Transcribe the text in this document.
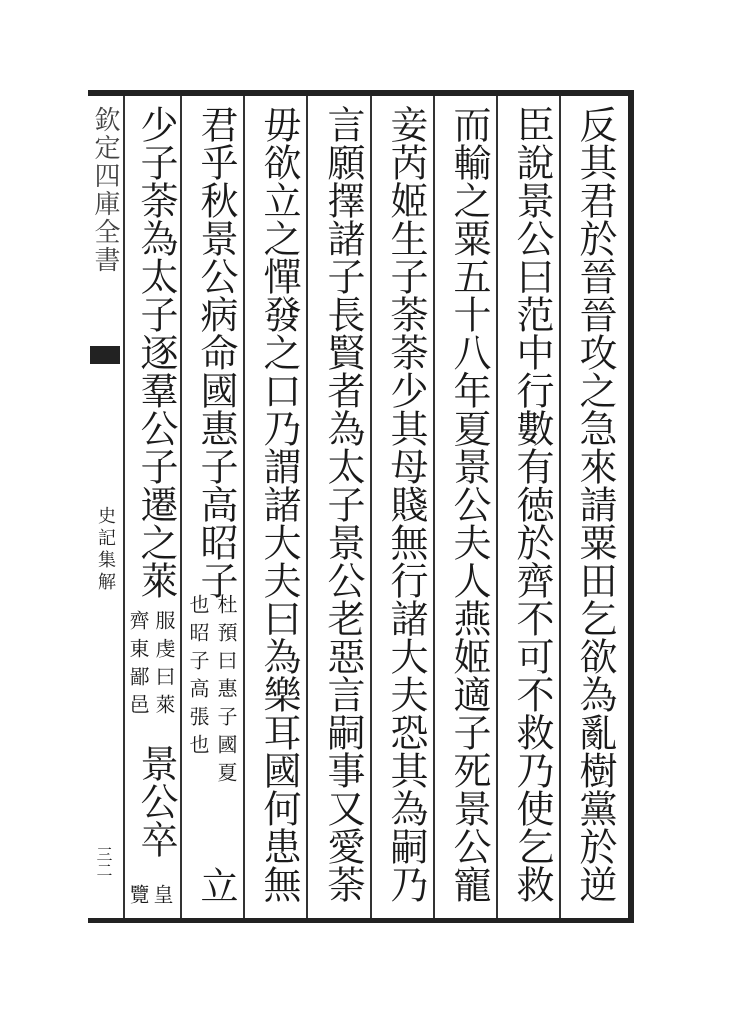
欽定四庫全書
史記集解
三二	反其君於晉晉攻之急來請粟田乞欲為亂樹黨於逆
臣說景公曰范中行數有徳於齊不可不救乃使乞救
而輸之粟五十八年夏景公夫人燕姬適子死景公寵
妾芮姬生子荼荼少其母賤無行諸大夫恐其為嗣乃
言願擇諸子長賢者為太子景公老惡言嗣事又愛荼
毋欲立之憚發之口乃謂諸大夫曰為樂耳國何患無
君乎秋景公病命國惠子高昭子
少子荼為太子逐羣公子遷之萊
杜預曰惠子國夏
也昭子高張也
立
服虔曰萊
齊東鄙邑
景公卒
皇
覽
